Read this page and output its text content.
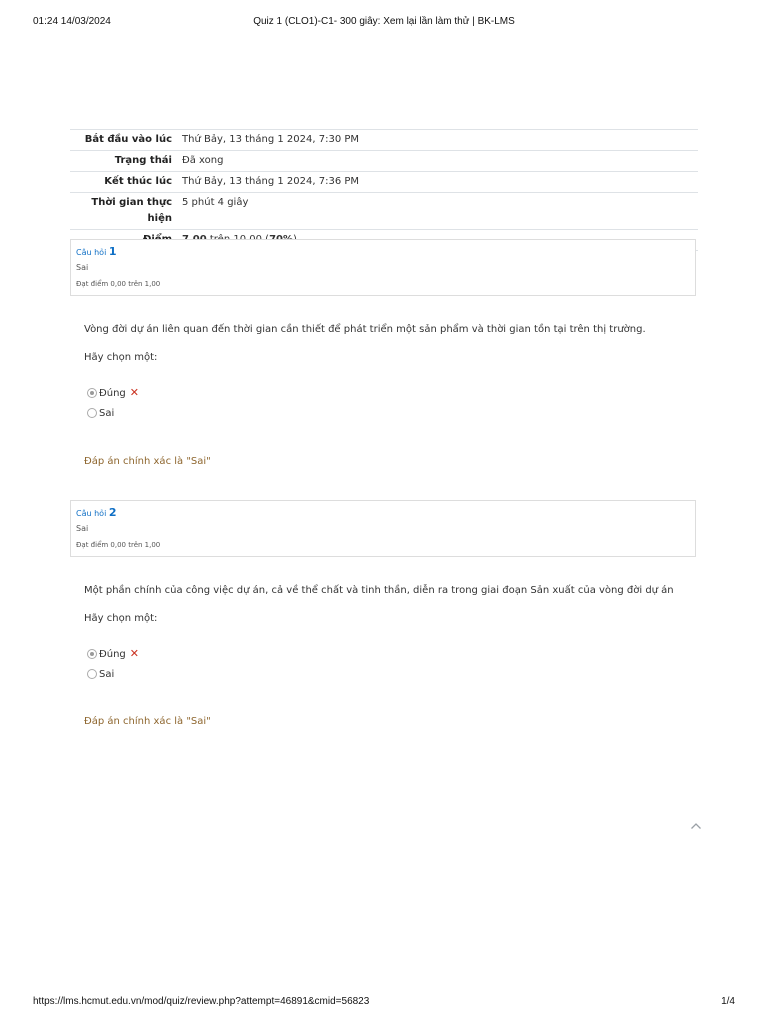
01:24 14/03/2024	Quiz 1 (CLO1)-C1- 300 giây: Xem lại lần làm thử | BK-LMS
Bắt đầu vào lúc	Thứ Bảy, 13 tháng 1 2024, 7:30 PM
Trạng thái	Đã xong
Kết thúc lúc	Thứ Bảy, 13 tháng 1 2024, 7:36 PM
Thời gian thực hiện	5 phút 4 giây

Câu hỏi 1
Sai
Đạt điểm 0,00 trên 1,00
Vòng đời dự án liên quan đến thời gian cần thiết để phát triển một sản phẩm và thời gian tồn tại trên thị trường.
Hãy chọn một:
Đúng ✕
Sai
Đáp án chính xác là "Sai"
Câu hỏi 2
Sai
Đạt điểm 0,00 trên 1,00
Một phần chính của công việc dự án, cả về thể chất và tinh thần, diễn ra trong giai đoạn Sản xuất của vòng đời dự án
Hãy chọn một:
Đúng ✕
Sai
Đáp án chính xác là "Sai"
https://lms.hcmut.edu.vn/mod/quiz/review.php?attempt=46891&cmid=56823	1/4
